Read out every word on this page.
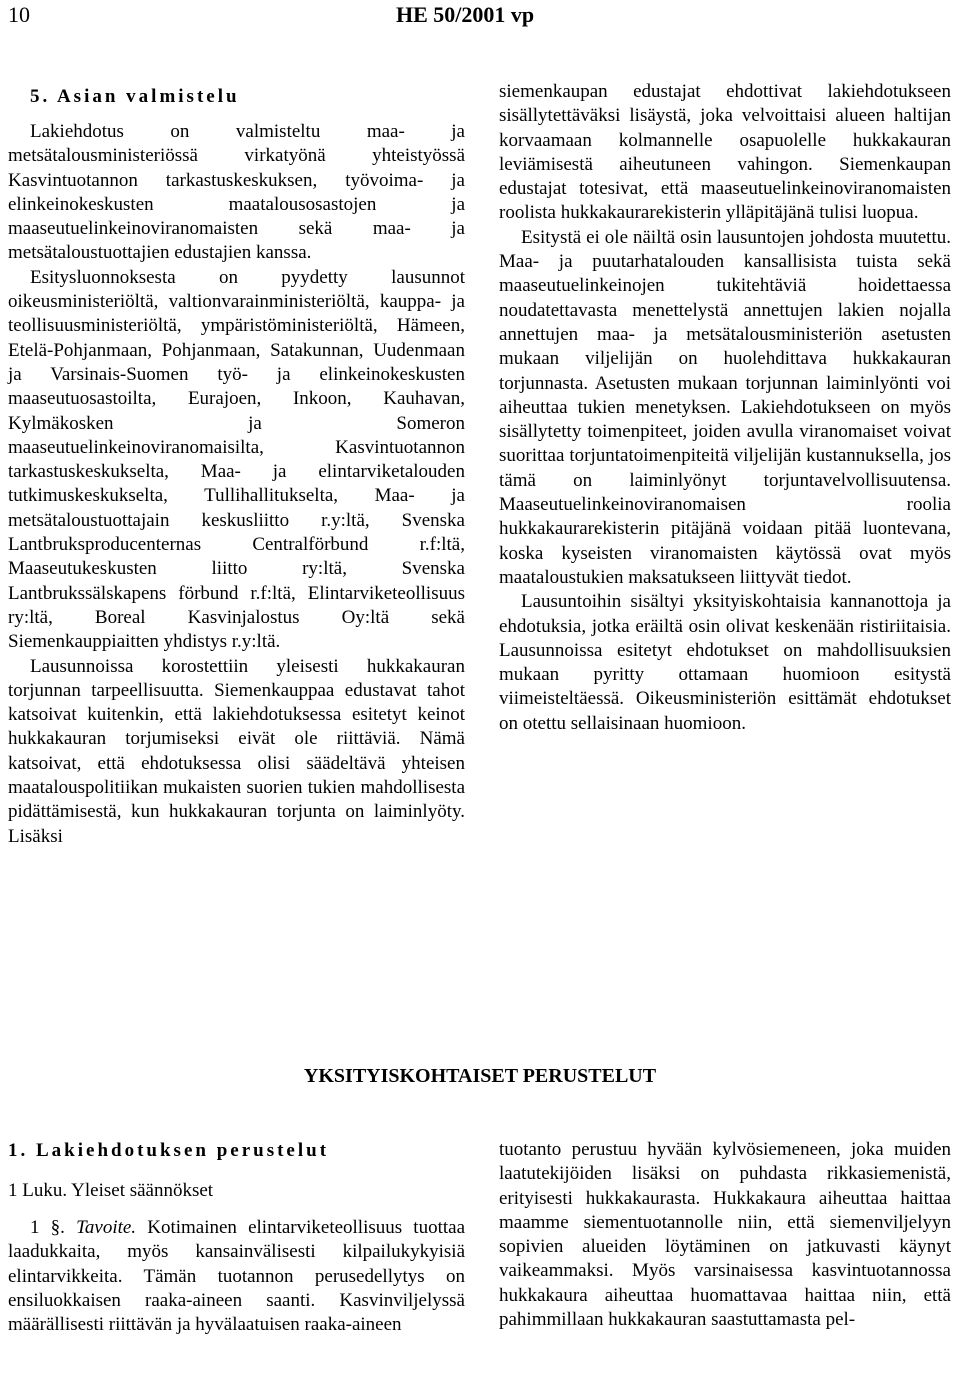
10	HE 50/2001 vp
5. Asian valmistelu

Lakiehdotus on valmisteltu maa- ja metsätalousministeriössä virkatyönä yhteistyössä Kasvintuotannon tarkastuskeskuksen, työvoima- ja elinkeinokeskusten maatalousosastojen ja maaseutuelinkeinoviranomaisten sekä maa- ja metsätaloustuottajien edustajien kanssa.

Esitysluonnoksesta on pyydetty lausunnot oikeusministeriöltä, valtionvarainministeriöltä, kauppa- ja teollisuusministeriöltä, ympäristöministeriöltä, Hämeen, Etelä-Pohjanmaan, Pohjanmaan, Satakunnan, Uudenmaan ja Varsinais-Suomen työ- ja elinkeinokeskusten maaseutuosastoilta, Eurajoen, Inkoon, Kauhavan, Kylmäkosken ja Someron maaseutuelinkeinoviranomaisilta, Kasvintuotannon tarkastuskeskukselta, Maa- ja elintarviketalouden tutkimuskeskukselta, Tullihallitukselta, Maa- ja metsätaloustuottajain keskusliitto r.y:ltä, Svenska Lantbruksproducenternas Centralförbund r.f:ltä, Maaseutukeskusten liitto ry:ltä, Svenska Lantbrukssälskapens förbund r.f:ltä, Elintarviketeollisuus ry:ltä, Boreal Kasvinjalostus Oy:ltä sekä Siemenkauppiaitten yhdistys r.y:ltä.

Lausunnoissa korostettiin yleisesti hukkakauran torjunnan tarpeellisuutta. Siemenkauppaa edustavat tahot katsoivat kuitenkin, että lakiehdotuksessa esitetyt keinot hukkakauran torjumiseksi eivät ole riittäviä. Nämä katsoivat, että ehdotuksessa olisi säädeltävä yhteisen maatalouspolitiikan mukaisten suorien tukien mahdollisesta pidättämisestä, kun hukkakauran torjunta on laiminlyöty. Lisäksi

siemenkaupan edustajat ehdottivat lakiehdotukseen sisällytettäväksi lisäystä, joka velvoittaisi alueen haltijan korvaamaan kolmannelle osapuolelle hukkakauran leviämisestä aiheutuneen vahingon. Siemenkaupan edustajat totesivat, että maaseutuelinkeinoviranomaisten roolista hukkakaurarekisterin ylläpitäjänä tulisi luopua.

Esitystä ei ole näiltä osin lausuntojen johdosta muutettu. Maa- ja puutarhatalouden kansallisista tuista sekä maaseutuelinkeinojen tukitehtäviä hoidettaessa noudatettavasta menettelystä annettujen lakien nojalla annettujen maa- ja metsätalousministeriön asetusten mukaan viljelijän on huolehdittava hukkakauran torjunnasta. Asetusten mukaan torjunnan laiminlyönti voi aiheuttaa tukien menetyksen. Lakiehdotukseen on myös sisällytetty toimenpiteet, joiden avulla viranomaiset voivat suorittaa torjuntatoimenpiteitä viljelijän kustannuksella, jos tämä on laiminlyönyt torjuntavelvollisuutensa. Maaseutuelinkeinoviranomaisen roolia hukkakaurarekisterin pitäjänä voidaan pitää luontevana, koska kyseisten viranomaisten käytössä ovat myös maataloustukien maksatukseen liittyvät tiedot.

Lausuntoihin sisältyi yksityiskohtaisia kannanottoja ja ehdotuksia, jotka eräiltä osin olivat keskenään ristiriitaisia. Lausunnoissa esitetyt ehdotukset on mahdollisuuksien mukaan pyritty ottamaan huomioon esitystä viimeisteltäessä. Oikeusministeriön esittämät ehdotukset on otettu sellaisinaan huomioon.

YKSITYISKOHTAISET PERUSTELUT
1. Lakiehdotuksen perustelut
1 Luku. Yleiset säännökset

1 §. Tavoite. Kotimainen elintarviketeollisuus tuottaa laadukkaita, myös kansainvälisesti kilpailukykyisiä elintarvikkeita. Tämän tuotannon perusedellytys on ensiluokkaisen raaka-aineen saanti. Kasvinviljelyssä määrällisesti riittävän ja hyvälaatuisen raaka-aineen

tuotanto perustuu hyvään kylvösiemeneen, joka muiden laatutekijöiden lisäksi on puhdasta rikkasiemenistä, erityisesti hukkakaurasta. Hukkakaura aiheuttaa haittaa maamme siementuotannolle niin, että siemenviljelyyn sopivien alueiden löytäminen on jatkuvasti käynyt vaikeammaksi. Myös varsinaisessa kasvintuotannossa hukkakaura aiheuttaa huomattavaa haittaa niin, että pahimmillaan hukkakauran saastuttamasta pel-
